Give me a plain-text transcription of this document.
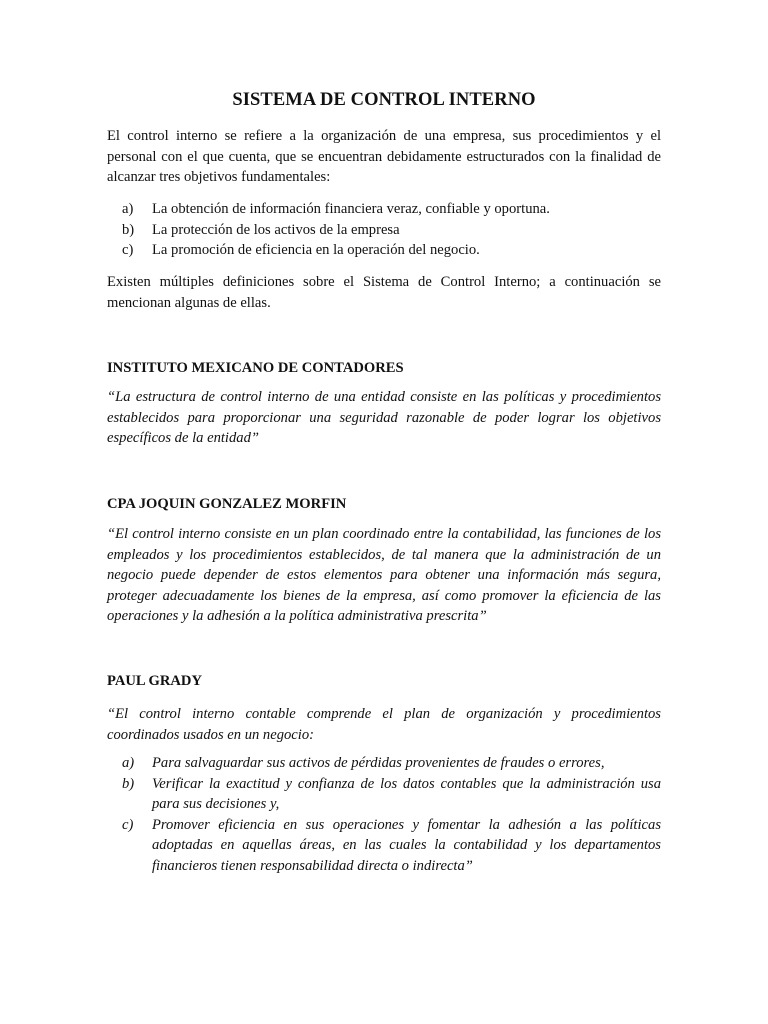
SISTEMA DE CONTROL INTERNO
El control interno se refiere a la organización de una empresa, sus procedimientos y el personal con el que cuenta, que se encuentran debidamente estructurados con la finalidad de alcanzar tres objetivos fundamentales:
a) La obtención de información financiera veraz, confiable y oportuna.
b) La protección de los activos de la empresa
c) La promoción de eficiencia en la operación del negocio.
Existen múltiples definiciones sobre el Sistema de Control Interno; a continuación se mencionan algunas de ellas.
INSTITUTO MEXICANO DE CONTADORES
“La estructura de control interno de una entidad consiste en las políticas y procedimientos establecidos para proporcionar una seguridad razonable de poder lograr los objetivos específicos de la entidad”
CPA JOQUIN GONZALEZ MORFIN
“El control interno consiste en un plan coordinado entre la contabilidad, las funciones de los empleados y los procedimientos establecidos, de tal manera que la administración de un negocio puede depender de estos elementos para obtener una información más segura, proteger adecuadamente los bienes de la empresa, así como promover la eficiencia de las operaciones y la adhesión a la política administrativa prescrita”
PAUL GRADY
“El control interno contable comprende el plan de organización y procedimientos coordinados usados en un negocio:
a) Para salvaguardar sus activos de pérdidas provenientes de fraudes o errores,
b) Verificar la exactitud y confianza de los datos contables que la administración usa para sus decisiones y,
c) Promover eficiencia en sus operaciones y fomentar la adhesión a las políticas adoptadas en aquellas áreas, en las cuales la contabilidad y los departamentos financieros tienen responsabilidad directa o indirecta”
